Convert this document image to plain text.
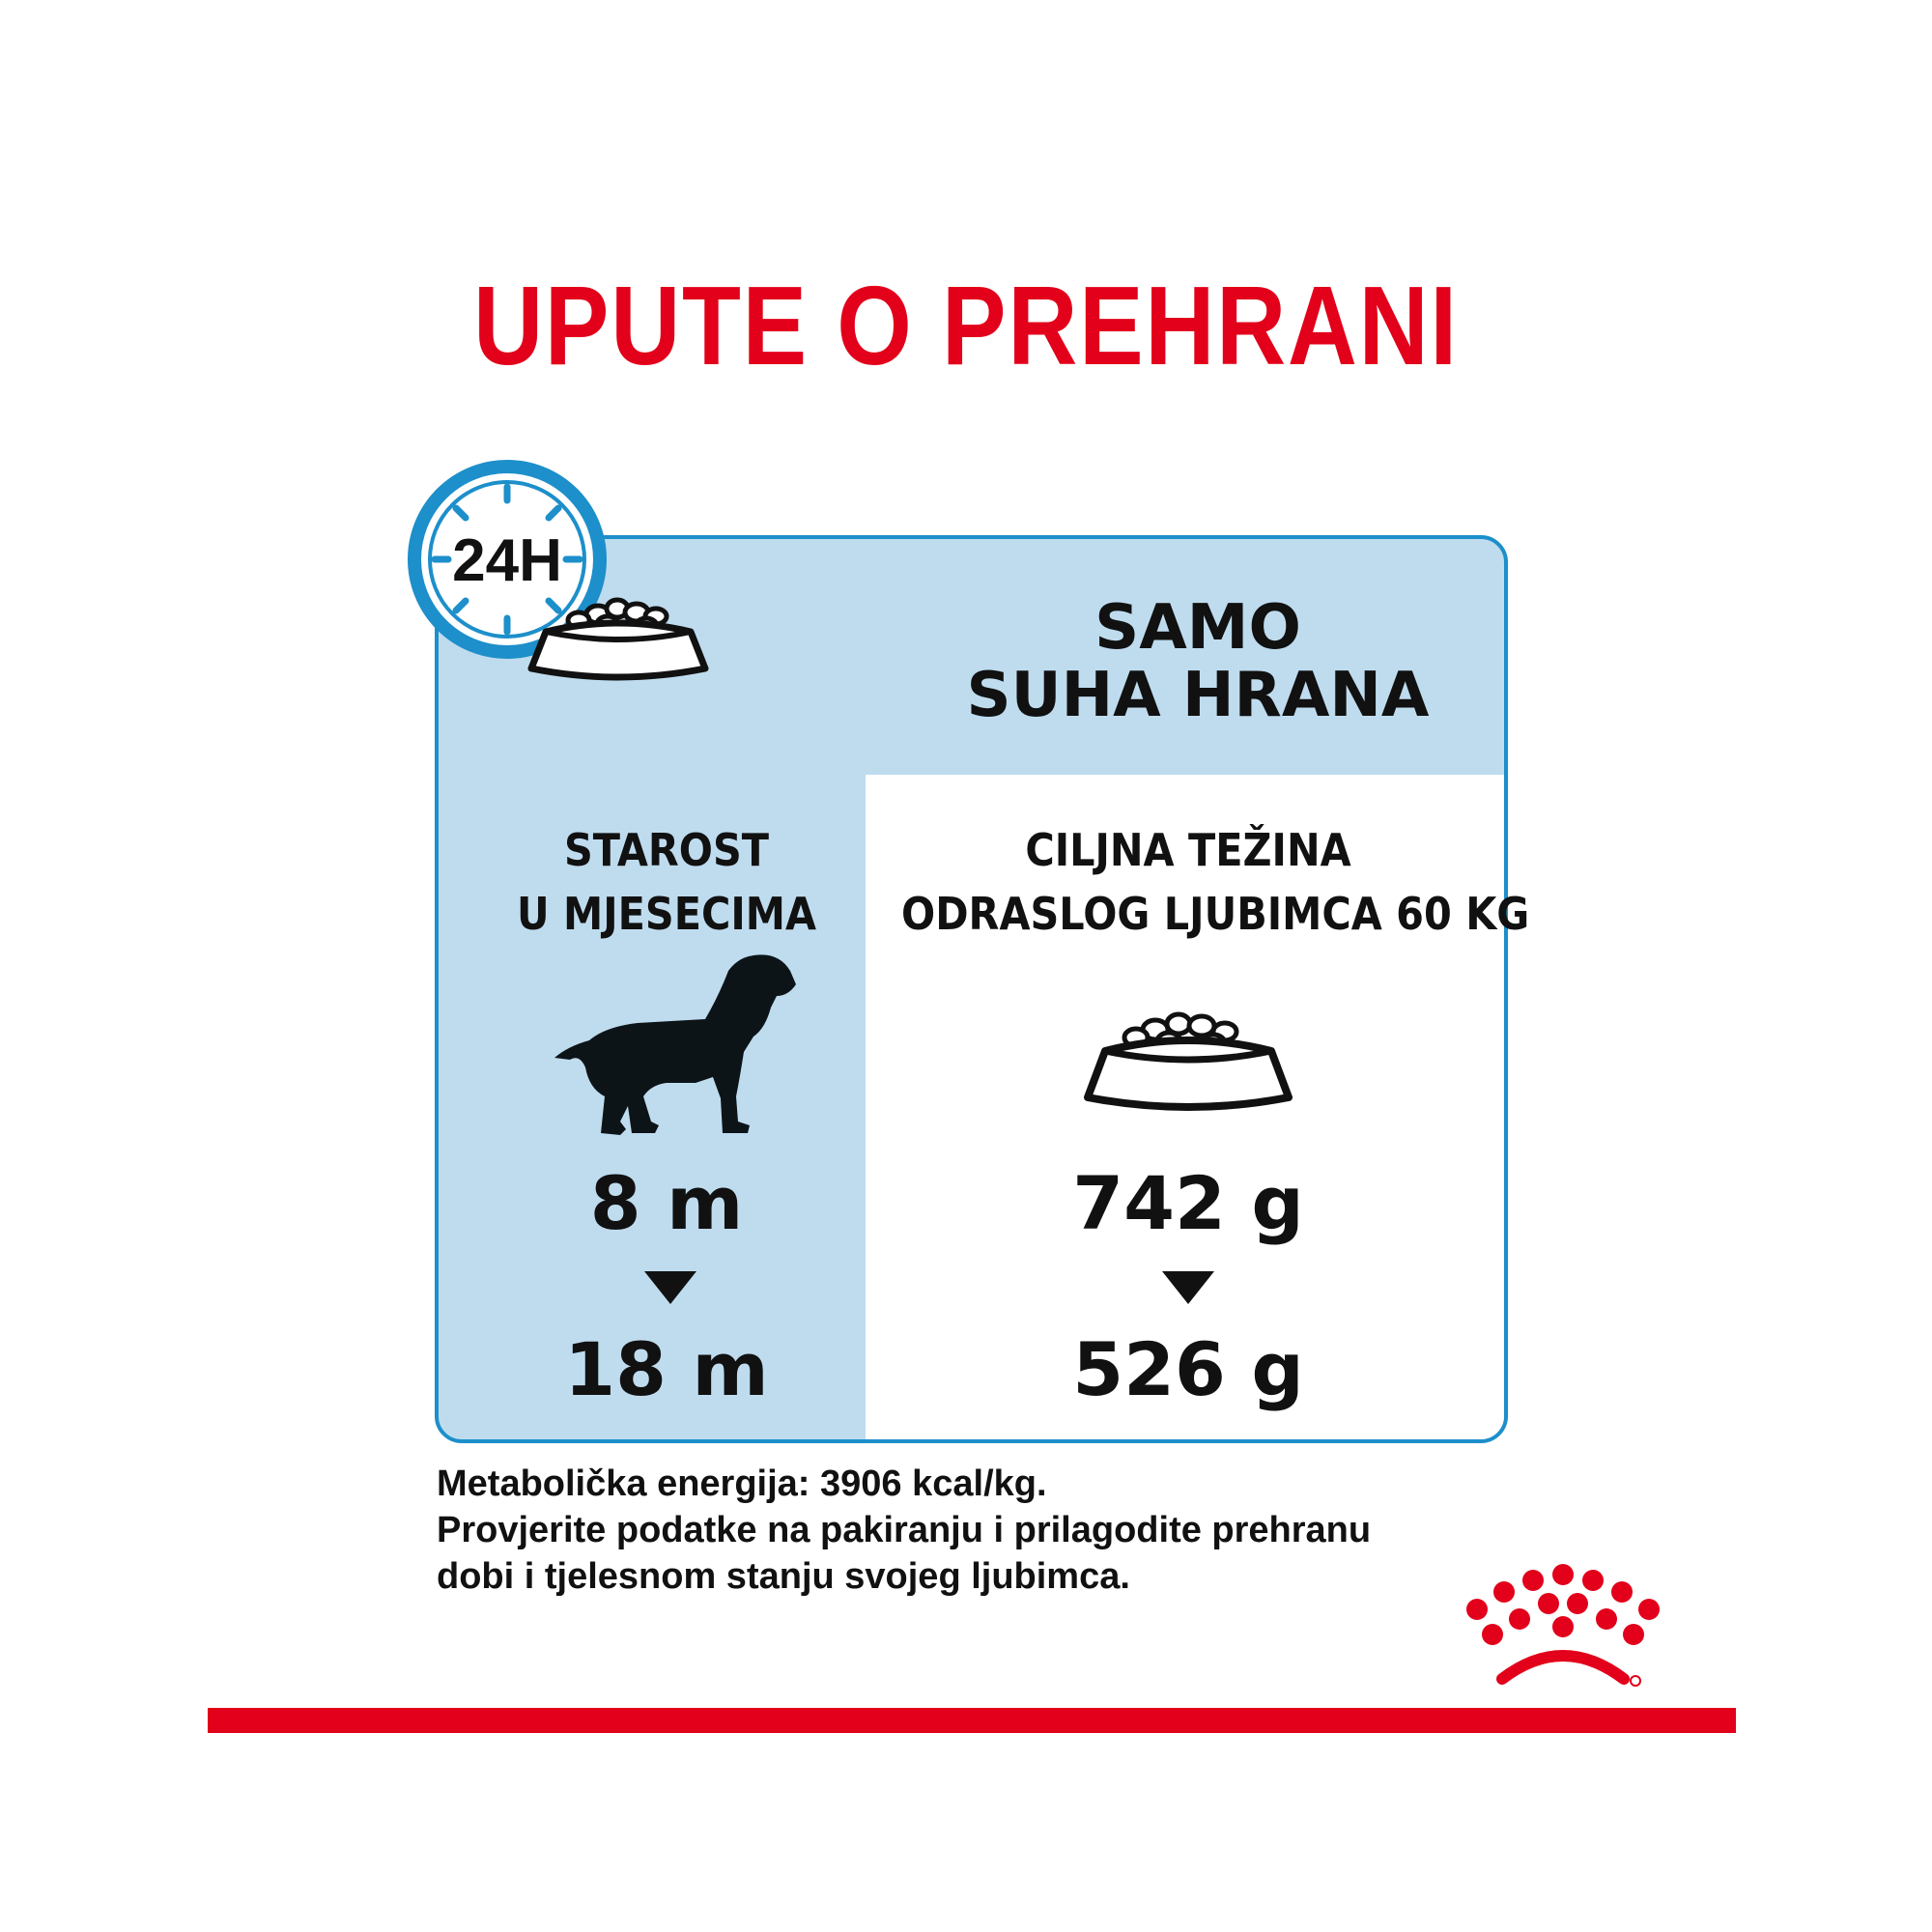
UPUTE O PREHRANI
24H
SAMO
SUHA HRANA
STAROST
U MJESECIMA
8 m
18 m
CILJNA TEŽINA
ODRASLOG LJUBIMCA 60 KG
742 g
526 g
Metabolička energija: 3906 kcal/kg.
Provjerite podatke na pakiranju i prilagodite prehranu
dobi i tjelesnom stanju svojeg ljubimca.
